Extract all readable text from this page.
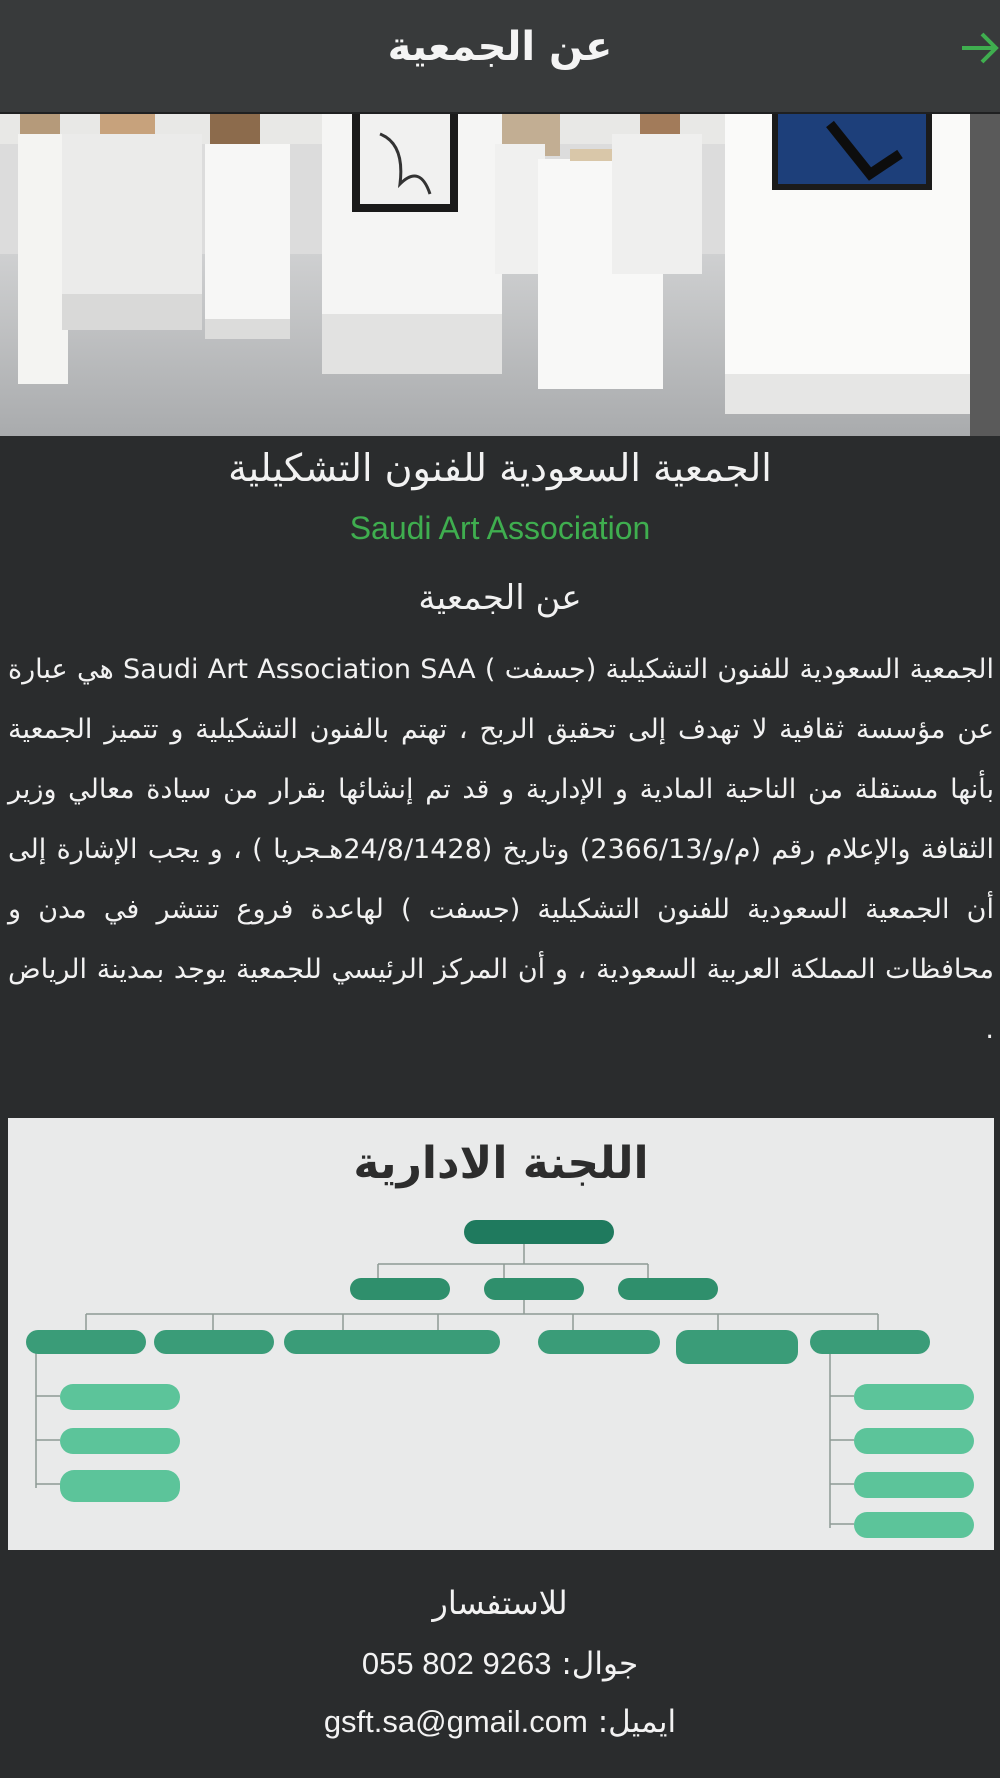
عن الجمعية
الجمعية السعودية للفنون التشكيلية
Saudi Art Association
عن الجمعية
الجمعية السعودية للفنون التشكيلية (جسفت ) Saudi Art Association SAA هي عبارة عن مؤسسة ثقافية لا تهدف إلى تحقيق الربح ، تهتم بالفنون التشكيلية و تتميز الجمعية بأنها مستقلة من الناحية المادية و الإدارية و قد تم إنشائها بقرار من سيادة معالي وزير الثقافة والإعلام رقم (م/و/2366/13) وتاريخ (24/8/1428هـجريا ) ، و يجب الإشارة إلى أن الجمعية السعودية للفنون التشكيلية (جسفت ) لهاعدة فروع تنتشر في مدن و محافظات المملكة العربية السعودية ، و أن المركز الرئيسي للجمعية يوجد بمدينة الرياض .
اللجنة الادارية
للاستفسار
جوال: 055 802 9263
ايميل: gsft.sa@gmail.com
